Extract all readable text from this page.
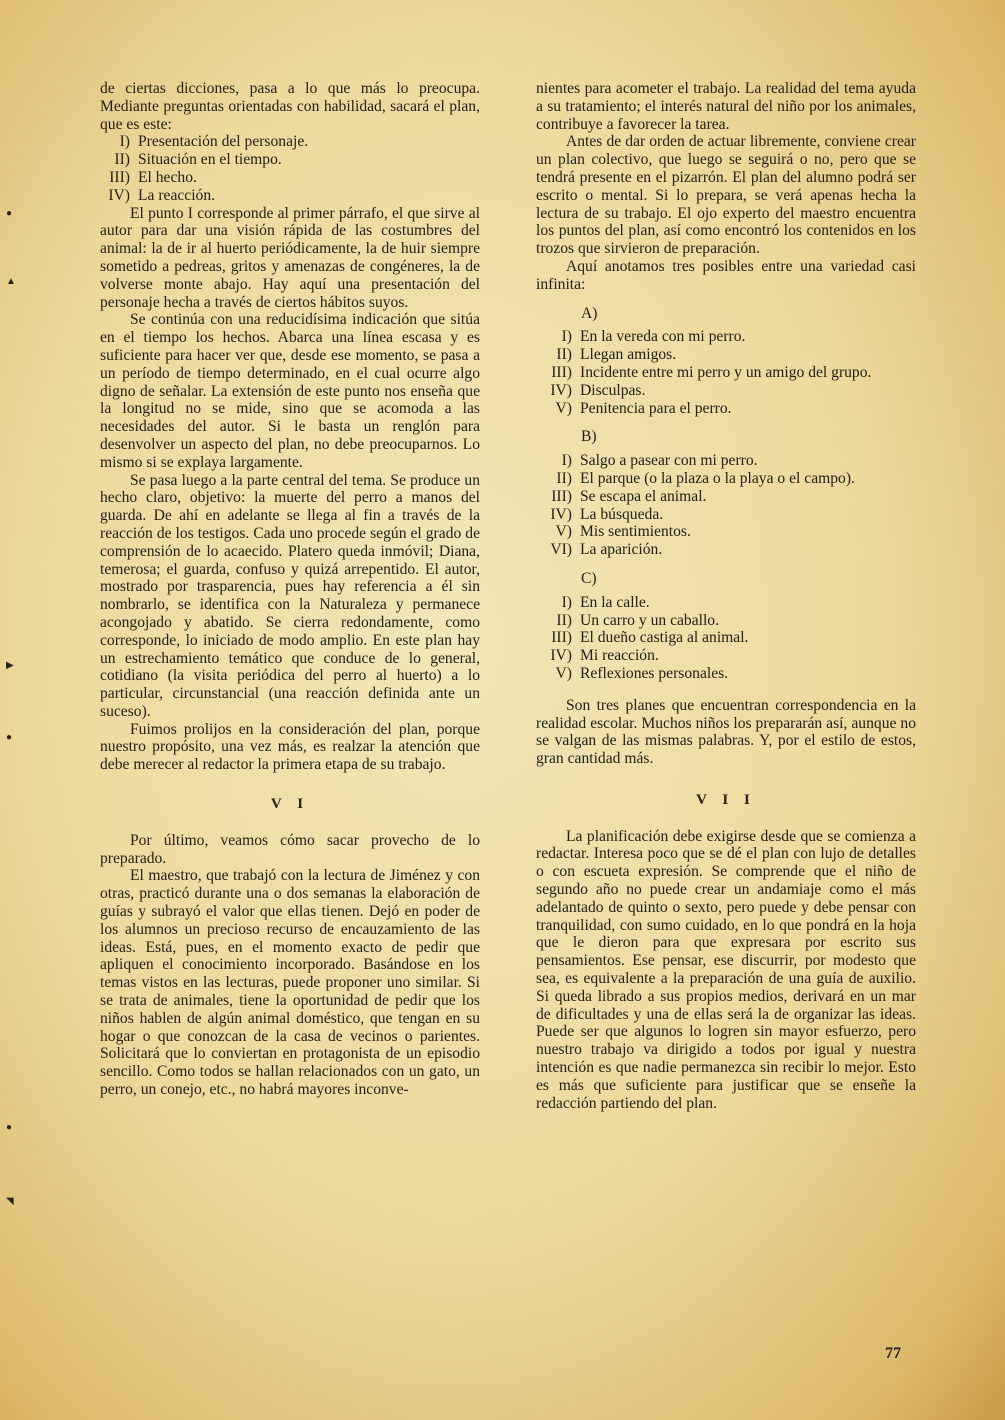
●
▲
▶
●
●
◥

de ciertas dicciones, pasa a lo que más lo preocupa. Mediante preguntas orientadas con habilidad, sacará el plan, que es este:

I) Presentación del personaje.
II) Situación en el tiempo.
III) El hecho.
IV) La reacción.

El punto I corresponde al primer párrafo, el que sirve al autor para dar una visión rápida de las costumbres del animal: la de ir al huerto periódicamente, la de huir siempre sometido a pedreas, gritos y amenazas de congéneres, la de volverse monte abajo. Hay aquí una presentación del personaje hecha a través de ciertos hábitos suyos.

Se continúa con una reducidísima indicación que sitúa en el tiempo los hechos. Abarca una línea escasa y es suficiente para hacer ver que, desde ese momento, se pasa a un período de tiempo determinado, en el cual ocurre algo digno de señalar. La extensión de este punto nos enseña que la longitud no se mide, sino que se acomoda a las necesidades del autor. Si le basta un renglón para desenvolver un aspecto del plan, no debe preocuparnos. Lo mismo si se explaya largamente.

Se pasa luego a la parte central del tema. Se produce un hecho claro, objetivo: la muerte del perro a manos del guarda. De ahí en adelante se llega al fin a través de la reacción de los testigos. Cada uno procede según el grado de comprensión de lo acaecido. Platero queda inmóvil; Diana, temerosa; el guarda, confuso y quizá arrepentido. El autor, mostrado por trasparencia, pues hay referencia a él sin nombrarlo, se identifica con la Naturaleza y permanece acongojado y abatido. Se cierra redondamente, como corresponde, lo iniciado de modo amplio. En este plan hay un estrechamiento temático que conduce de lo general, cotidiano (la visita periódica del perro al huerto) a lo particular, circunstancial (una reacción definida ante un suceso).

Fuimos prolijos en la consideración del plan, porque nuestro propósito, una vez más, es realzar la atención que debe merecer al redactor la primera etapa de su trabajo.

V I

Por último, veamos cómo sacar provecho de lo preparado.

El maestro, que trabajó con la lectura de Jiménez y con otras, practicó durante una o dos semanas la elaboración de guías y subrayó el valor que ellas tienen. Dejó en poder de los alumnos un precioso recurso de encauzamiento de las ideas. Está, pues, en el momento exacto de pedir que apliquen el conocimiento incorporado. Basándose en los temas vistos en las lecturas, puede proponer uno similar. Si se trata de animales, tiene la oportunidad de pedir que los niños hablen de algún animal doméstico, que tengan en su hogar o que conozcan de la casa de vecinos o parientes. Solicitará que lo conviertan en protagonista de un episodio sencillo. Como todos se hallan relacionados con un gato, un perro, un conejo, etc., no habrá mayores inconve-

nientes para acometer el trabajo. La realidad del tema ayuda a su tratamiento; el interés natural del niño por los animales, contribuye a favorecer la tarea.

Antes de dar orden de actuar libremente, conviene crear un plan colectivo, que luego se seguirá o no, pero que se tendrá presente en el pizarrón. El plan del alumno podrá ser escrito o mental. Si lo prepara, se verá apenas hecha la lectura de su trabajo. El ojo experto del maestro encuentra los puntos del plan, así como encontró los contenidos en los trozos que sirvieron de preparación.

Aquí anotamos tres posibles entre una variedad casi infinita:

A)
I) En la vereda con mi perro.
II) Llegan amigos.
III) Incidente entre mi perro y un amigo del grupo.
IV) Disculpas.
V) Penitencia para el perro.
B)
I) Salgo a pasear con mi perro.
II) El parque (o la plaza o la playa o el campo).
III) Se escapa el animal.
IV) La búsqueda.
V) Mis sentimientos.
VI) La aparición.
C)
I) En la calle.
II) Un carro y un caballo.
III) El dueño castiga al animal.
IV) Mi reacción.
V) Reflexiones personales.

Son tres planes que encuentran correspondencia en la realidad escolar. Muchos niños los prepararán así, aunque no se valgan de las mismas palabras. Y, por el estilo de estos, gran cantidad más.

V I I

La planificación debe exigirse desde que se comienza a redactar. Interesa poco que se dé el plan con lujo de detalles o con escueta expresión. Se comprende que el niño de segundo año no puede crear un andamiaje como el más adelantado de quinto o sexto, pero puede y debe pensar con tranquilidad, con sumo cuidado, en lo que pondrá en la hoja que le dieron para que expresara por escrito sus pensamientos. Ese pensar, ese discurrir, por modesto que sea, es equivalente a la preparación de una guía de auxilio. Si queda librado a sus propios medios, derivará en un mar de dificultades y una de ellas será la de organizar las ideas. Puede ser que algunos lo logren sin mayor esfuerzo, pero nuestro trabajo va dirigido a todos por igual y nuestra intención es que nadie permanezca sin recibir lo mejor. Esto es más que suficiente para justificar que se enseñe la redacción partiendo del plan.

77
